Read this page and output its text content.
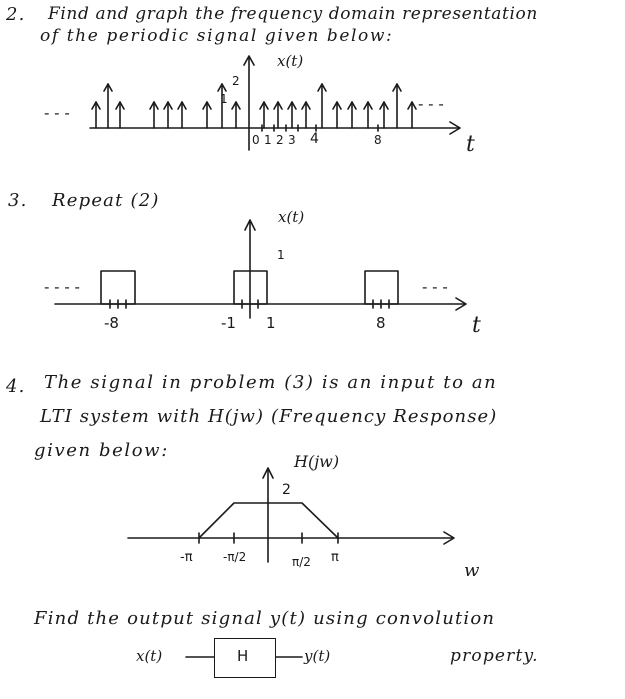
2. Find and graph the frequency domain representation
of the periodic signal given below:
x(t)
2
1
- - -	- - -
0 1 2 3 4	8	t
3. Repeat (2)
x(t)
1
- - - -	- - -
-8	-1 1	8	t
4. The signal in problem (3) is an input to an
LTI system with H(jw) (Frequency Response)
given below:
H(jw)
2
-π	-π/2	π/2 π
w
Find the output signal y(t) using convolution
x(t)	H	y(t)	property.
